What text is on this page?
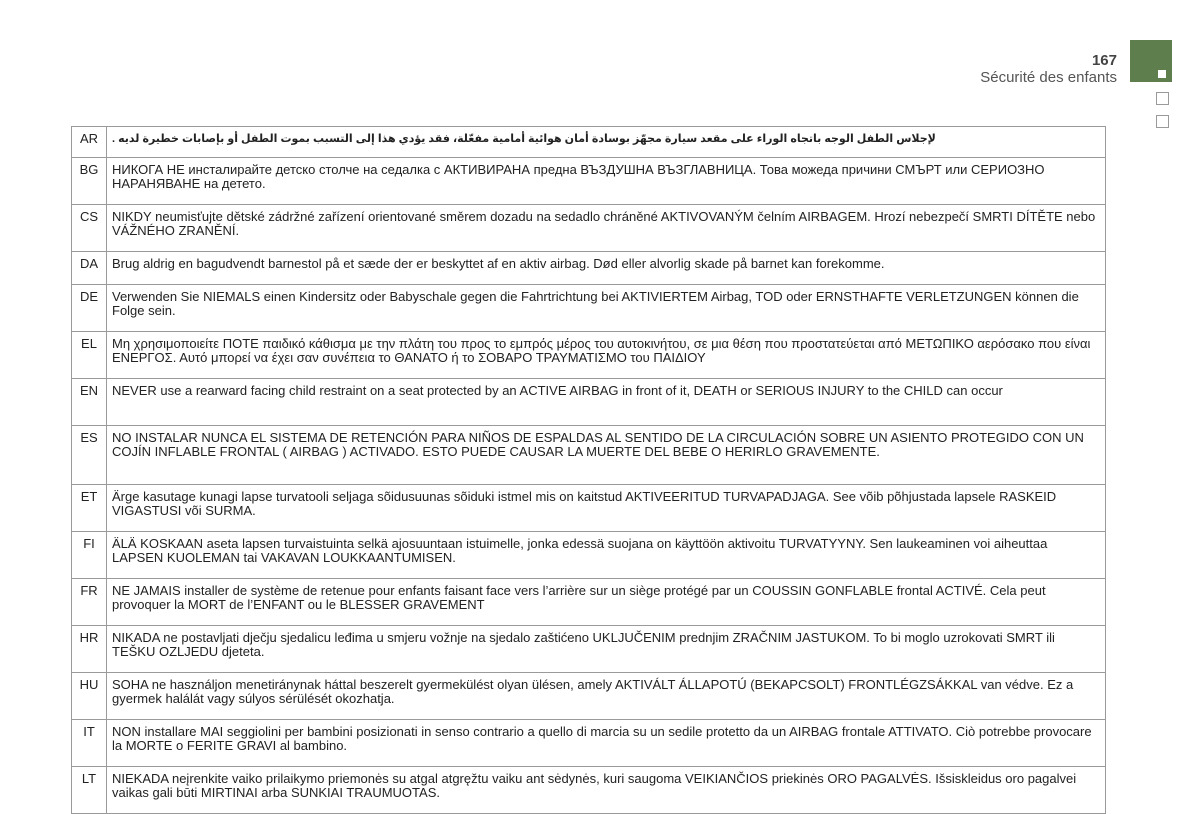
167
Sécurité des enfants
AR	لإجلاس الطفل الوجه باتجاه الوراء على مقعد سيارة مجهّز بوسادة أمان هوائية أمامية مفعّلة، فقد يؤدي هذا إلى التسبب بموت الطفل أو بإصابات خطيرة لديه .
BG	НИКОГА НЕ инсталирайте детско столче на седалка с АКТИВИРАНА предна ВЪЗДУШНА ВЪЗГЛАВНИЦА. Това можеда причини СМЪРТ или СЕРИОЗНО НАРАНЯВАНЕ на детето.
CS	NIKDY neumisťujte dětské zádržné zařízení orientované směrem dozadu na sedadlo chráněné AKTIVOVANÝM čelním AIRBAGEM. Hrozí nebezpečí SMRTI DÍTĚTE nebo VÁŽNÉHO ZRANĚNÍ.
DA	Brug aldrig en bagudvendt barnestol på et sæde der er beskyttet af en aktiv airbag. Død eller alvorlig skade på barnet kan forekomme.
DE	Verwenden Sie NIEMALS einen Kindersitz oder Babyschale gegen die Fahrtrichtung bei AKTIVIERTEM Airbag, TOD oder ERNSTHAFTE VERLETZUNGEN können die Folge sein.
EL	Μη χρησιμοποιείτε ΠΟΤΕ παιδικό κάθισμα με την πλάτη του προς το εμπρός μέρος του αυτοκινήτου, σε μια θέση που προστατεύεται από ΜΕΤΩΠΙΚΟ αερόσακο που είναι ΕΝΕΡΓΟΣ. Αυτό μπορεί να έχει σαν συνέπεια το ΘΑΝΑΤΟ ή το ΣΟΒΑΡΟ ΤΡΑΥΜΑΤΙΣΜΟ του ΠΑΙΔΙΟΥ
EN	NEVER use a rearward facing child restraint on a seat protected by an ACTIVE AIRBAG in front of it, DEATH or SERIOUS INJURY to the CHILD can occur
ES	NO INSTALAR NUNCA EL SISTEMA DE RETENCIÓN PARA NIÑOS DE ESPALDAS AL SENTIDO DE LA CIRCULACIÓN SOBRE UN ASIENTO PROTEGIDO CON UN COJÍN INFLABLE FRONTAL ( AIRBAG ) ACTIVADO. ESTO PUEDE CAUSAR LA MUERTE DEL BEBE O HERIRLO GRAVEMENTE.
ET	Ärge kasutage kunagi lapse turvatooli seljaga sõidusuunas sõiduki istmel mis on kaitstud AKTIVEERITUD TURVAPADJAGA. See võib põhjustada lapsele RASKEID VIGASTUSI või SURMA.
FI	ÄLÄ KOSKAAN aseta lapsen turvaistuinta selkä ajosuuntaan istuimelle, jonka edessä suojana on käyttöön aktivoitu TURVATYYNY. Sen laukeaminen voi aiheuttaa LAPSEN KUOLEMAN tai VAKAVAN LOUKKAANTUMISEN.
FR	NE JAMAIS installer de système de retenue pour enfants faisant face vers l’arrière sur un siège protégé par un COUSSIN GONFLABLE frontal ACTIVÉ. Cela peut provoquer la MORT de l’ENFANT ou le BLESSER GRAVEMENT
HR	NIKADA ne postavljati dječju sjedalicu leđima u smjeru vožnje na sjedalo zaštićeno UKLJUČENIM prednjim ZRAČNIM JASTUKOM. To bi moglo uzrokovati SMRT ili TEŠKU OZLJEDU djeteta.
HU	SOHA ne használjon menetiránynak háttal beszerelt gyermekülést olyan ülésen, amely AKTIVÁLT ÁLLAPOTÚ (BEKAPCSOLT) FRONTLÉGZSÁKKAL van védve. Ez a gyermek halálát vagy súlyos sérülését okozhatja.
IT	NON installare MAI seggiolini per bambini posizionati in senso contrario a quello di marcia su un sedile protetto da un AIRBAG frontale ATTIVATO. Ciò potrebbe provocare la MORTE o FERITE GRAVI al bambino.
LT	NIEKADA neįrenkite vaiko prilaikymo priemonės su atgal atgręžtu vaiku ant sėdynės, kuri saugoma VEIKIANČIOS priekinės ORO PAGALVĖS. Išsiskleidus oro pagalvei vaikas gali būti MIRTINAI arba SUNKIAI TRAUMUOTAS.
